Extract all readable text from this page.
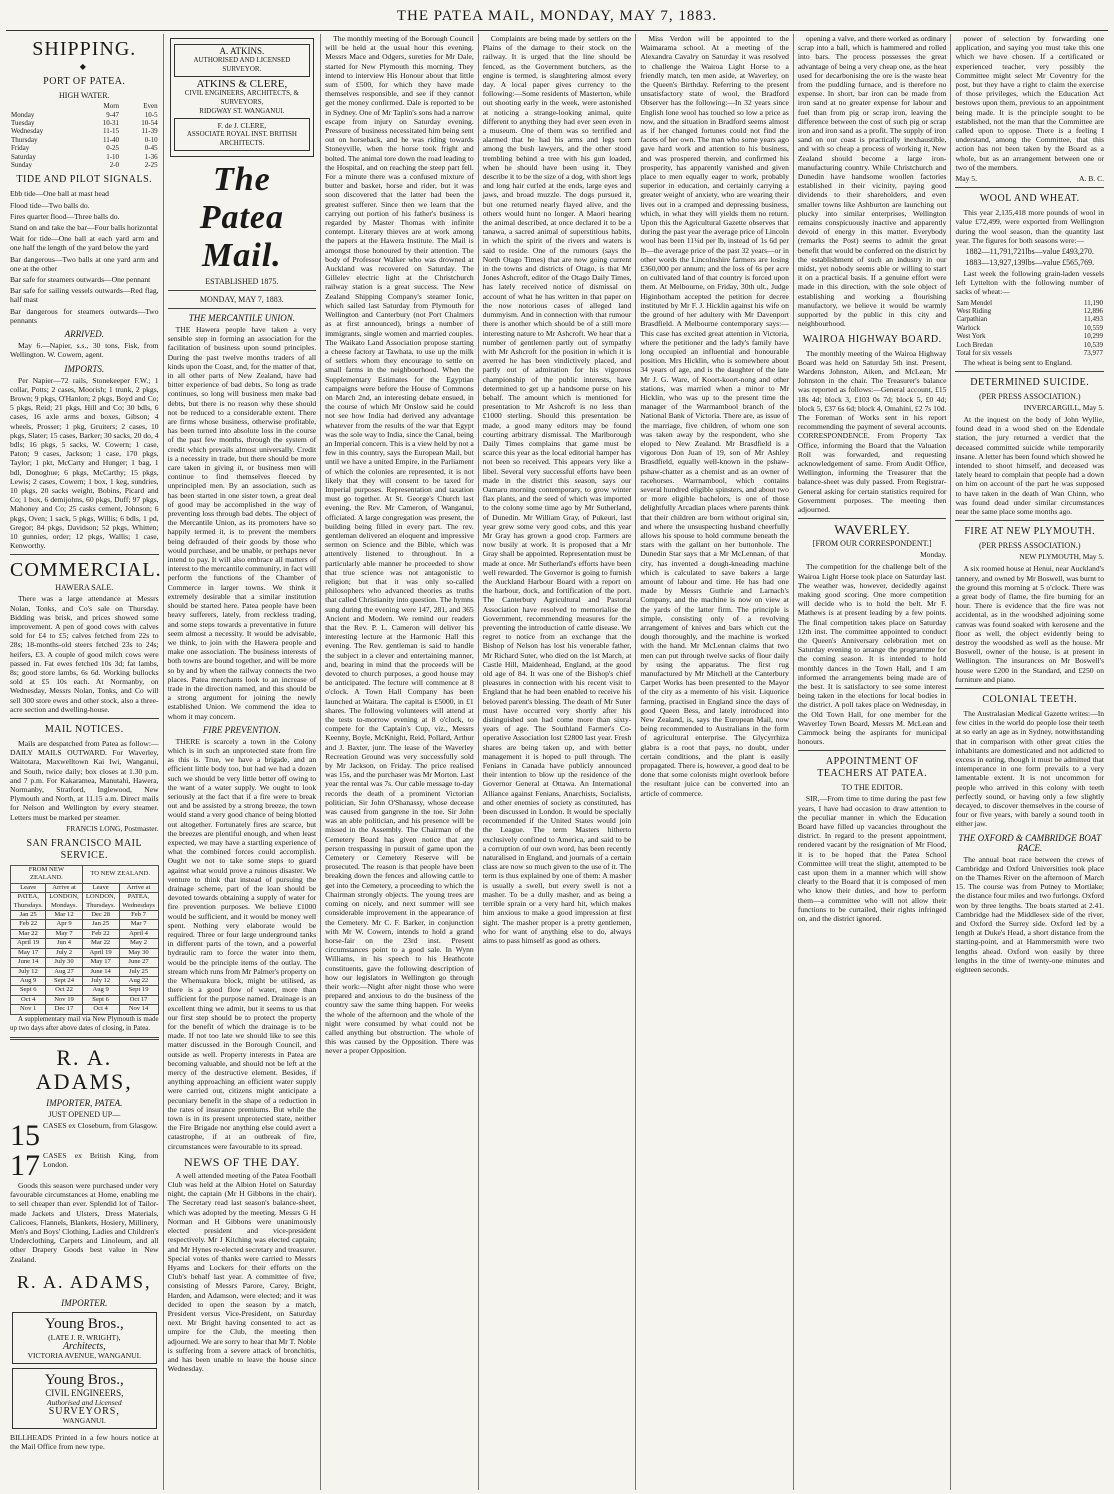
THE PATEA MAIL, MONDAY, MAY 7, 1883.
SHIPPING.
◆
PORT OF PATEA.
HIGH WATER.
	Morn	Even
Monday	9-47	10-5
Tuesday	10-31	10-54
Wednesday	11-15	11-39
Thursday	11-40	0-10
Friday	0-25	0-45
Saturday	1-10	1-36
Sunday	2-0	2-25
TIDE AND PILOT SIGNALS.

Ebb tide—One ball at mast head

Flood tide—Two balls do.

Fires quarter flood—Three balls do.

Stand on and take the bar—Four balls horizontal

Wait for tide—One ball at each yard arm and one half the length of the yard below the yard

Bar dangerous—Two balls at one yard arm and one at the other

Bar safe for steamers outwards—One pennant

Bar safe for sailing vessels outwards—Red flag, half mast

Bar dangerous for steamers outwards—Two pennants

ARRIVED.

May 6.—Napier, s.s., 30 tons, Fisk, from Wellington. W. Cowern, agent.

IMPORTS.

Per Napier—72 rails, Stonekeeper F.W.; 1 collar, Potts; 2 cases, Moorish; 1 trunk, 2 pkgs, Brown; 9 pkgs, O'Hanlon; 2 pkgs, Boyd and Co; 5 pkgs, Reid; 21 pkgs, Hill and Co; 30 bdls, 6 cases, 16 axle arms and boxes, Gibson; 4 wheels, Prosser; 1 pkg, Gruiters; 2 cases, 10 pkgs, Slater; 15 cases, Barker; 30 sacks, 20 do, 4 bdls; 16 pkgs, 5 sacks, W. Cowern; 1 case, Paton; 9 cases, Jackson; 1 case, 170 pkgs, Taylor; 1 pkt, McCarty and Hunger; 1 bag, 1 bdl, Donoghue; 6 pkgs, McCarthy; 15 pkgs, Lewis; 2 cases, Cowern; 1 box, 1 keg, sundries, 10 pkgs, 20 sacks weight, Bobins, Picard and Co; 1 box, 6 demijohns, 60 pkgs, Duff; 97 pkgs, Mahoney and Co; 25 casks cement, Johnson; 6 pkgs, Oven; 1 sack, 5 pkgs, Willis; 6 bdls, 1 pd, Gregor; 84 pkgs, Davidson; 52 pkgs, Whitten; 10 gunnies, order; 12 pkgs, Wallis; 1 case, Kenworthy.

COMMERCIAL.
HAWERA SALE.

There was a large attendance at Messrs Nolan, Tonks, and Co's sale on Thursday. Bidding was brisk, and prices showed some improvement. A pen of good cows with calves sold for £4 to £5; calves fetched from 22s to 28s; 18-months-old steers fetched 23s to 24s; heifers, £3. A couple of good milch cows were passed in. Fat ewes fetched 10s 3d; fat lambs, 8s; good store lambs, 6s 6d. Working bullocks sold at £5 10s each. At Normanby, on Wednesday, Messrs Nolan, Tonks, and Co will sell 300 store ewes and other stock, also a three-acre section and dwelling-house.

MAIL NOTICES.

Mails are despatched from Patea as follow:— DAILY MAILS OUTWARD. For Waverley, Waitotara, Maxwelltown Kai Iwi, Wanganui, and South, twice daily; box closes at 1.30 p.m. and 7 p.m. For Kakaramea, Manutahi, Hawera, Normanby, Stratford, Inglewood, New Plymouth and North, at 11.15 a.m. Direct mails for Nelson and Wellington by every steamer. Letters must be marked per steamer.

FRANCIS LONG, Postmaster.
SAN FRANCISCO MAIL SERVICE.
FROM NEW ZEALAND.		TO NEW ZEALAND.	
Leave	Arrive at	Leave	Arrive at
PATEA, Thursdays.	LONDON, Mondays.	LONDON, Thursdays.	PATEA, Wednesdays
Jan 25	Mar 12	Dec 28	Feb 7
Feb 22	Apr 9	Jan 25	Mar 7
Mar 22	May 7	Feb 22	April 4
April 19	Jun 4	Mar 22	May 2
May 17	July 2	April 19	May 30
June 14	July 30	May 17	June 27
July 12	Aug 27	June 14	July 25
Aug 9	Sept 24	July 12	Aug 22
Sept 6	Oct 22	Aug 9	Sept 19
Oct 4	Nov 19	Sept 6	Oct 17
Nov 1	Dec 17	Oct 4	Nov 14

A supplementary mail via New Plymouth is made up two days after above dates of closing, in Patea.

R. A. ADAMS,
IMPORTER, PATEA.
JUST OPENED UP—
15 CASES ex Closeburn, from Glasgow.
17 CASES ex British King, from London.

Goods this season were purchased under very favourable circumstances at Home, enabling me to sell cheaper than ever. Splendid lot of Tailor-made Jackets and Ulsters, Dress Materials, Calicoes, Flannels, Blankets, Hosiery, Millinery, Men's and Boys' Clothing, Ladies and Children's Underclothing, Carpets and Linoleum, and all other Drapery Goods best value in New Zealand.

R. A. ADAMS,
IMPORTER.
Young Bros.,
(LATE J. R. WRIGHT),
Architects,
VICTORIA AVENUE, WANGANUI.
Young Bros.,
CIVIL ENGINEERS,
Authorised and Licensed
SURVEYORS,
WANGANUI.

BILLHEADS Printed in a few hours notice at the Mail Office from new type.

A. ATKINS.
AUTHORISED AND LICENSED SURVEYOR.
ATKINS & CLERE,
CIVIL ENGINEERS, ARCHITECTS, & SURVEYORS,
RIDGWAY ST. WANGANUI.
F. de J. CLERE,
ASSOCIATE ROYAL INST. BRITISH ARCHITECTS.
The Patea Mail.
ESTABLISHED 1875.
MONDAY, MAY 7, 1883.
THE MERCANTILE UNION.

THE Hawera people have taken a very sensible step in forming an association for the facilitation of business upon sound principles. During the past twelve months traders of all kinds upon the Coast, and, for the matter of that, in all other parts of New Zealand, have had bitter experience of bad debts. So long as trade continues, so long will business men make bad debts, but there is no reason why these should not be reduced to a considerable extent. There are firms whose business, otherwise profitable, has been turned into absolute loss in the course of the past few months, through the system of credit which prevails almost universally. Credit is a necessity in trade, but there should be more care taken in giving it, or business men will continue to find themselves fleeced by unprincipled men. By an association, such as has been started in one sister town, a great deal of good may be accomplished in the way of preventing loss through bad debts. The object of the Mercantile Union, as its promoters have so happily termed it, is to prevent the members being defrauded of their goods by those who would purchase, and be unable, or perhaps never intend to pay. It will also embrace all matters of interest to the mercantile community, in fact will perform the functions of the Chamber of Commerce in larger towns. We think it extremely desirable that a similar institution should be started here. Patea people have been heavy sufferers, lately, from reckless trading, and some steps towards a preventative in future seem almost a necessity. It would be advisable, we think, to join with the Hawera people and make one association. The business interests of both towns are bound together, and will be more so by and by when the railway connects the two places. Patea merchants look to an increase of trade in the direction named, and this should be a strong argument for joining the newly established Union. We commend the idea to whom it may concern.

FIRE PREVENTION.

THERE is scarcely a town in the Colony which is in such an unprotected state from fire as this is. True, we have a brigade, and an efficient little body too, but had we had a dozen such we should be very little better off owing to the want of a water supply. We ought to look seriously at the fact that if a fire were to break out and be assisted by a strong breeze, the town would stand a very good chance of being blotted out altogether. Fortunately fires are scarce, but the breezes are plentiful enough, and when least expected, we may have a startling experience of what the combined forces could accomplish. Ought we not to take some steps to guard against what would prove a ruinous disaster. We venture to think that instead of pursuing the drainage scheme, part of the loan should be devoted towards obtaining a supply of water for fire prevention purposes. We believe £1000 would be sufficient, and it would be money well spent. Nothing very elaborate would be required. Three or four large underground tanks in different parts of the town, and a powerful hydraulic ram to force the water into them, would be the principle items of the outlay. The stream which runs from Mr Palmer's property on the Whenuakura block, might be utilised, as there is a good flow of water, more than sufficient for the purpose named. Drainage is an excellent thing we admit, but it seems to us that our first step should be to protect the property for the benefit of which the drainage is to be made. If not too late we should like to see this matter discussed in the Borough Council, and outside as well. Property interests in Patea are becoming valuable, and should not be left at the mercy of the destructive element. Besides, if anything approaching an efficient water supply were carried out, citizens might anticipate a pecuniary benefit in the shape of a reduction in the rates of insurance premiums. But while the town is in its present unprotected state, neither the Fire Brigade nor anything else could avert a catastrophe, if at an outbreak of fire, circumstances were favourable to its spread.

NEWS OF THE DAY.

A well attended meeting of the Patea Football Club was held at the Albion Hotel on Saturday night, the captain (Mr H Gibbons in the chair). The Secretary read last season's balance-sheet, which was adopted by the meeting. Messrs G H Norman and H Gibbons were unanimously elected president and vice-president respectively. Mr J Kitching was elected captain; and Mr Hynes re-elected secretary and treasurer. Special votes of thanks were carried to Messrs Hyams and Lockers for their efforts on the Club's behalf last year. A committee of five, consisting of Messrs Parore, Carey, Bright, Harden, and Adamson, were elected; and it was decided to open the season by a match, President versus Vice-President, on Saturday next. Mr Bright having consented to act as umpire for the Club, the meeting then adjourned. We are sorry to hear that Mr T. Noble is suffering from a severe attack of bronchitis, and has been unable to leave the house since Wednesday.

The monthly meeting of the Borough Council will be held at the usual hour this evening. Messrs Mace and Odgers, sureties for Mr Dale, started for New Plymouth this morning. They intend to interview His Honour about that little sum of £500, for which they have made themselves responsible, and see if they cannot get the money confirmed. Dale is reported to be in Sydney. One of Mr Taplin's sons had a narrow escape from injury on Saturday evening. Pressure of business necessitated him being sent out on horseback, and he was riding towards Stoneyville, when the horse took fright and bolted. The animal tore down the road leading to the Hospital, and on reaching the steep part fell. For a minute there was a confused mixture of butter and basket, horse and rider, but it was soon discovered that the latter had been the greatest sufferer. Since then we learn that the carrying out portion of his father's business is regarded by Master Thomas with infinite contempt. Literary thieves are at work among the papers at the Hawera Institute. The Mail is amongst those honoured by their attention. The body of Professor Walker who was drowned at Auckland was recovered on Saturday. The Gillelev electric light at the Christchurch railway station is a great success. The New Zealand Shipping Company's steamer Ionic, which sailed last Saturday from Plymouth for Wellington and Canterbury (not Port Chalmers as at first announced), brings a number of immigrants, single women and married couples. The Waikato Land Association propose starting a cheese factory at Tawhata, to use up the milk of settlers whom they encourage to settle on small farms in the neighbourhood. When the Supplementary Estimates for the Egyptian campaigns were before the House of Commons on March 2nd, an interesting debate ensued, in the course of which Mr Onslow said he could not see how India had derived any advantage whatever from the results of the war that Egypt was the sole way to India, since the Canal, being an Imperial concern. This is a view held by not a few in this country, says the European Mail, but until we have a united Empire, in the Parliament of which the colonies are represented, it is not likely that they will consent to be taxed for Imperial purposes. Representation and taxation must go together. At St. George's Church last evening, the Rev. Mr Cameron, of Wanganui, officiated. A large congregation was present, the building being filled in every part. The rev. gentleman delivered an eloquent and impressive sermon on Science and the Bible, which was attentively listened to throughout. In a particularly able manner he proceeded to show that true science was not antagonistic to religion; but that it was only so-called philosophers who advanced theories as truths that called Christianity into question. The hymns sung during the evening were 147, 281, and 365 Ancient and Modern. We remind our readers that the Rev. P. L. Cameron will deliver his interesting lecture at the Harmonic Hall this evening. The Rev. gentleman is said to handle the subject in a clever and entertaining manner, and, bearing in mind that the proceeds will be devoted to church purposes, a good house may be anticipated. The lecture will commence at 8 o'clock. A Town Hall Company has been launched at Waitara. The capital is £5000, in £1 shares. The following volunteers will attend at the tests to-morrow evening at 8 o'clock, to compete for the Captain's Cup, viz., Messrs Keenny, Boyle, McKnight, Reid, Pollard, Arthur and J. Baxter, junr. The lease of the Waverley Recreation Ground was very successfully sold by Mr Jackson, on Friday. The price realised was 15s, and the purchaser was Mr Morton. Last year the rental was 7s. Our cable message to-day records the death of a prominent Victorian politician, Sir John O'Shanassy, whose decease was caused from gangrene in the toe. Sir John was an able politician, and his presence will be missed in the Assembly. The Chairman of the Cemetery Board has given notice that any person trespassing in pursuit of game upon the Cemetery or Cemetery Reserve will be prosecuted. The reason is that people have been breaking down the fences and allowing cattle to get into the Cemetery, a proceeding to which the Chairman strongly objects. The young trees are coming on nicely, and next summer will see considerable improvement in the appearance of the Cemetery. Mr C. F. Barker, in conjunction with Mr W. Cowern, intends to hold a grand horse-fair on the 23rd inst. Present circumstances point to a good sale. In Wynn Williams, in his speech to his Heathcote constituents, gave the following description of how our legislators in Wellington go through their work:—Night after night those who were prepared and anxious to do the business of the country saw the same thing happen. For weeks the whole of the afternoon and the whole of the night were consumed by what could not be called anything but obstruction. The whole of this was caused by the Opposition. There was never a proper Opposition.

Complaints are being made by settlers on the Plains of the damage to their stock on the railway. It is urged that the line should be fenced, as the Government butchers, as the engine is termed, is slaughtering almost every day. A local paper gives currency to the following:—Some residents of Masterton, while out shooting early in the week, were astonished at noticing a strange-looking animal, quite different to anything they had ever seen even in a museum. One of them was so terrified and alarmed that he had his arms and legs torn among the bush lawyers, and the other stood trembling behind a tree with his gun loaded, when he should have been using it. They describe it to be the size of a dog, with short legs and long hair curled at the ends, large eyes and jaws, and broad muzzle. The dogs pursued it, but one returned nearly flayed alive, and the others would hunt no longer. A Maori hearing the animal described, at once declared it to be a tanawa, a sacred animal of superstitious habits, in which the spirit of the rivers and waters is said to reside. One of the rumours (says the North Otago Times) that are now going current in the towns and districts of Otago, is that Mr Jones Ashcroft, editor of the Otago Daily Times, has lately received notice of dismissal on account of what he has written in that paper on the now notorious cases of alleged land dummyism. And in connection with that rumour there is another which should be of a still more interesting nature to Mr Ashcroft. We hear that a number of gentlemen partly out of sympathy with Mr Ashcroft for the position in which it is averred he has been vindictively placed, and partly out of admiration for his vigorous championship of the public interests, have determined to get up a handsome purse on his behalf. The amount which is mentioned for presentation to Mr Ashcroft is no less than £1000 sterling. Should this presentation be made, a good many editors may be found courting arbitrary dismissal. The Marlborough Daily Times complains that game must be scarce this year as the local editorial hamper has not been so received. This appears very like a libel. Several very successful efforts have been made in the district this season, says our Oamaru morning contemporary, to grow winter flax plants, and the seed of which was imported to the colony some time ago by Mr Sutherland, of Dunedin. Mr William Gray, of Pukeuri, last year grew some very good cobs, and this year Mr Gray has grown a good crop. Farmers are now busily at work. It is proposed that a Mr Gray shall be appointed. Representation must be made at once. Mr Sutherland's efforts have been well rewarded. The Governor is going to furnish the Auckland Harbour Board with a report on the harbour, dock, and fortification of the port. The Canterbury Agricultural and Pastoral Association have resolved to memorialise the Government, recommending measures for the preventing the introduction of cattle disease. We regret to notice from an exchange that the Bishop of Nelson has lost his venerable father, Mr Richard Suter, who died on the 1st March, at Castle Hill, Maidenhead, England, at the good old age of 84. It was one of the Bishop's chief pleasures in connection with his recent visit to England that he had been enabled to receive his beloved parent's blessing. The death of Mr Suter must have occurred very shortly after his distinguished son had come more than sixty-years of age. The Southland Farmer's Co-operative Association lost £2800 last year. Fresh shares are being taken up, and with better management it is hoped to pull through. The Fenians in Canada have publicly announced their intention to blow up the residence of the Governor General at Ottawa. An International Alliance against Fenians, Anarchists, Socialists, and other enemies of society as constituted, has been discussed in London. It would be specially recommended if the United States would join the League. The term Masters hitherto exclusively confined to America, and said to be a corruption of our own word, has been recently naturalised in England, and journals of a certain class are now so much given to the use of it. The term is thus explained by one of them: A masher is usually a swell, but every swell is not a masher. To be a dully masher, and as being a terrible sprain or a very hard hit, which makes him anxious to make a good impression at first sight. The masher proper is a pretty gentlemen, who for want of anything else to do, always aims to pass himself as good as others.

Miss Verdon will be appointed to the Waimarama school. At a meeting of the Alexandra Cavalry on Saturday it was resolved to challenge the Wairoa Light Horse to a friendly match, ten men aside, at Waverley, on the Queen's Birthday. Referring to the present unsatisfactory state of wool, the Bradford Observer has the following:—In 32 years since English lone wool has touched so low a price as now, and the situation in Bradford seems almost as if her changed fortunes could not find the facets of her own. The man who some years ago gave hard work and attention to his business, and was prospered therein, and confirmed his prosperity, has apparently vanished and given place to men equally eager to work, probably superior in education, and certainly carrying a greater weight of anxiety, who are wearing their lives out in a cramped and depressing business, which, in what they will yields them no return. Upon this the Agricultural Gazette observes that during the past year the average price of Lincoln wool has been 11¼d per lb, instead of 1s 6d per lb—the average price of the past 32 years—or in other words the Lincolnshire farmers are losing £360,000 per annum; and the loss of 6s per acre on cultivated land of that country is forced upon them. At Melbourne, on Friday, 30th ult., Judge Higinbotham accepted the petition for decree instituted by Mr F. J. Hicklin against his wife on the ground of her adultery with Mr Davenport Brasdfield. A Melbourne contemporary says:—This case has excited great attention in Victoria, where the petitioner and the lady's family have long occupied an influential and honourable position. Mrs Hicklin, who is somewhere about 34 years of age, and is the daughter of the late Mr J. G. Ware, of Koort-koort-nong and other stations, was married when a minor to Mr Hicklin, who was up to the present time the manager of the Warrnambool branch of the National Bank of Victoria. There are, as issue of the marriage, five children, of whom one son was taken away by the respondent, who she eloped to New Zealand. Mr Brasdfield is a vigorous Don Juan of 19, son of Mr Ashley Brasdfield, equally well-known in the pshaw-pshaw-chatter as a chemist and as an owner of racehorses. Warrnambool, which contains several hundred eligible spinsters, and about two or more eligible bachelors, is one of those delightfully Arcadian places where parents think that their children are born without original sin, and where the unsuspecting husband cheerfully allows his spouse to hold commune beneath the stars with the gallant on her buttonhole. The Dunedin Star says that a Mr McLennan, of that city, has invented a dough-kneading machine which is calculated to save bakers a large amount of labour and time. He has had one made by Messrs Guthrie and Larnach's Company, and the machine is now on view at the yards of the latter firm. The principle is simple, consisting only of a revolving arrangement of knives and bars which cut the dough thoroughly, and the machine is worked with the hand. Mr McLennan claims that two men can put through twelve sacks of flour daily by using the apparatus. The first rug manufactured by Mr Mitchell at the Canterbury Carpet Works has been presented to the Mayor of the city as a memento of his visit. Liquorice farming, practised in England since the days of good Queen Bess, and lately introduced into New Zealand, is, says the European Mail, now being recommended to Australians in the form of agricultural enterprise. The Glycyrrhiza glabra is a root that pays, no doubt, under certain conditions, and the plant is easily propagated. There is, however, a good deal to be done that some colonists might overlook before the resultant juice can be converted into an article of commerce.

opening a valve, and there worked as ordinary scrap into a ball, which is hammered and rolled into bars. The process possesses the great advantage of being a very cheap one, as the heat used for decarbonising the ore is the waste heat from the puddling furnace, and is therefore no expense. In short, bar iron can be made from iron sand at no greater expense for labour and fuel than from pig or scrap iron, leaving the difference between the cost of such pig or scrap iron and iron sand as a profit. The supply of iron sand on our coast is practically inexhaustible, and with so cheap a process of working it, New Zealand should become a large iron-manufacturing country. While Christchurch and Dunedin have handsome woollen factories established in their vicinity, paying good dividends to their shareholders, and even smaller towns like Ashburton are launching out plucky into similar enterprises, Wellington remains conspicuously inactive and apparently devoid of energy in this matter. Everybody (remarks the Post) seems to admit the great benefit that would be conferred on the district by the establishment of such an industry in our midst, yet nobody seems able or willing to start it on a practical basis. If a genuine effort were made in this direction, with the sole object of establishing and working a flourishing manufactory, we believe it would be warmly supported by the public in this city and neighbourhood.

WAIROA HIGHWAY BOARD.

The monthly meeting of the Wairoa Highway Board was held on Saturday 5th inst. Present, Wardens Johnston, Aiken, and McLean, Mr Johnston in the chair. The Treasurer's balance was reported as follows:—General account, £15 18s 4d; block 3, £103 0s 7d; block 5, £0 4d; block 5, £37 6s 6d; block 4, Omahini, £2 7s 10d. The Foreman of Works sent in his report recommending the payment of several accounts. CORRESPONDENCE. From Property Tax Office, informing the Board that the Valuation Roll was forwarded, and requesting acknowledgement of same. From Audit Office, Wellington, informing the Treasurer that the balance-sheet was duly passed. From Registrar-General asking for certain statistics required for Government purposes. The meeting then adjourned.

WAVERLEY.
[FROM OUR CORRESPONDENT.]
Monday.

The competition for the challenge belt of the Wairoa Light Horse took place on Saturday last. The weather was, however, decidedly against making good scoring. One more competition will decide who is to hold the belt. Mr F. Mathews is at present leading by a few points. The final competition takes place on Saturday 12th inst. The committee appointed to conduct the Queen's Anniversary celebration met on Saturday evening to arrange the programme for the coming season. It is intended to hold monthly dances in the Town Hall, and I am informed the arrangements being made are of the best. It is satisfactory to see some interest being taken in the elections for local bodies in the district. A poll takes place on Wednesday, in the Old Town Hall, for one member for the Waverley Town Board, Messrs M. McLean and Cammock being the aspirants for municipal honours.

APPOINTMENT OF TEACHERS AT PATEA.
TO THE EDITOR.

SIR,—From time to time during the past few years, I have had occasion to draw attention to the peculiar manner in which the Education Board have filled up vacancies throughout the district. In regard to the present appointment, rendered vacant by the resignation of Mr Flood, it is to be hoped that the Patea School Committee will treat the slight, attempted to be cast upon them in a manner which will show clearly to the Board that it is composed of men who know their duties, and how to perform them—a committee who will not allow their functions to be curtailed, their rights infringed on, and the district ignored.

power of selection by forwarding one application, and saying you must take this one which we have chosen. If a certificated or experienced teacher, very possibly the Committee might select Mr Coventry for the post, but they have a right to claim the exercise of those privileges, which the Education Act bestows upon them, previous to an appointment being made. It is the principle sought to be established, not the man that the Committee are called upon to oppose. There is a feeling I understand, among the Committee, that this action has not been taken by the Board as a whole, but as an arrangement between one or two of the members.

May 5.	A. B. C.
WOOL AND WHEAT.

This year 2,135,418 more pounds of wool in value £72,499, were exported from Wellington during the wool season, than the quantity last year. The figures for both seasons were:—

1882—11,791,721lbs—value £493,270.
1883—13,927,139lbs—value £565,769.

Last week the following grain-laden vessels left Lyttelton with the following number of sacks of wheat:—

Sam Mendel	11,190
West Riding	12,896
Carpathian	11,493
Warlock	10,559
West York	10,299
Loch Bredan	10,539
Total for six vessels	73,977

The wheat is being sent to England.

DETERMINED SUICIDE.
(PER PRESS ASSOCIATION.)
INVERCARGILL, May 5.

At the inquest on the body of John Wyllie, found dead in a wood shed on the Edendale station, the jury returned a verdict that the deceased committed suicide while temporarily insane. A letter has been found which showed he intended to shoot himself, and deceased was lately heard to complain that people had a down on him on account of the part he was supposed to have taken in the death of Wan Chinn, who was found dead under similar circumstances near the same place some months ago.

FIRE AT NEW PLYMOUTH.
(PER PRESS ASSOCIATION.)
NEW PLYMOUTH, May 5.

A six roomed house at Henui, near Auckland's tannery, and owned by Mr Boswell, was burnt to the ground this morning at 5 o'clock. There was a great body of flame, the fire burning for an hour. There is evidence that the fire was not accidental, as in the woodshed adjoining some canvas was found soaked with kerosene and the floor as well, the object evidently being to destroy the woodshed as well as the house. Mr Boswell, owner of the house, is at present in Wellington. The insurances on Mr Boswell's house were £200 in the Standard, and £250 on furniture and piano.

COLONIAL TEETH.

The Australasian Medical Gazette writes:—In few cities in the world do people lose their teeth at so early an age as in Sydney, notwithstanding that in comparison with other great cities the inhabitants are domesticated and not addicted to excess in eating, though it must be admitted that intemperance in one form prevails to a very lamentable extent. It is not uncommon for people who arrived in this colony with teeth perfectly sound, or having only a few slightly decayed, to discover themselves in the course of four or five years, with barely a sound tooth in either jaw.

THE OXFORD & CAMBRIDGE BOAT RACE.

The annual boat race between the crews of Cambridge and Oxford Universities took place on the Thames River on the afternoon of March 15. The course was from Putney to Mortlake; the distance four miles and two furlongs. Oxford won by three lengths. The boats started at 2.41. Cambridge had the Middlesex side of the river, and Oxford the Surrey side. Oxford led by a length at Duke's Head, a short distance from the starting-point, and at Hammersmith were two lengths ahead. Oxford won easily by three lengths in the time of twenty-one minutes and eighteen seconds.
